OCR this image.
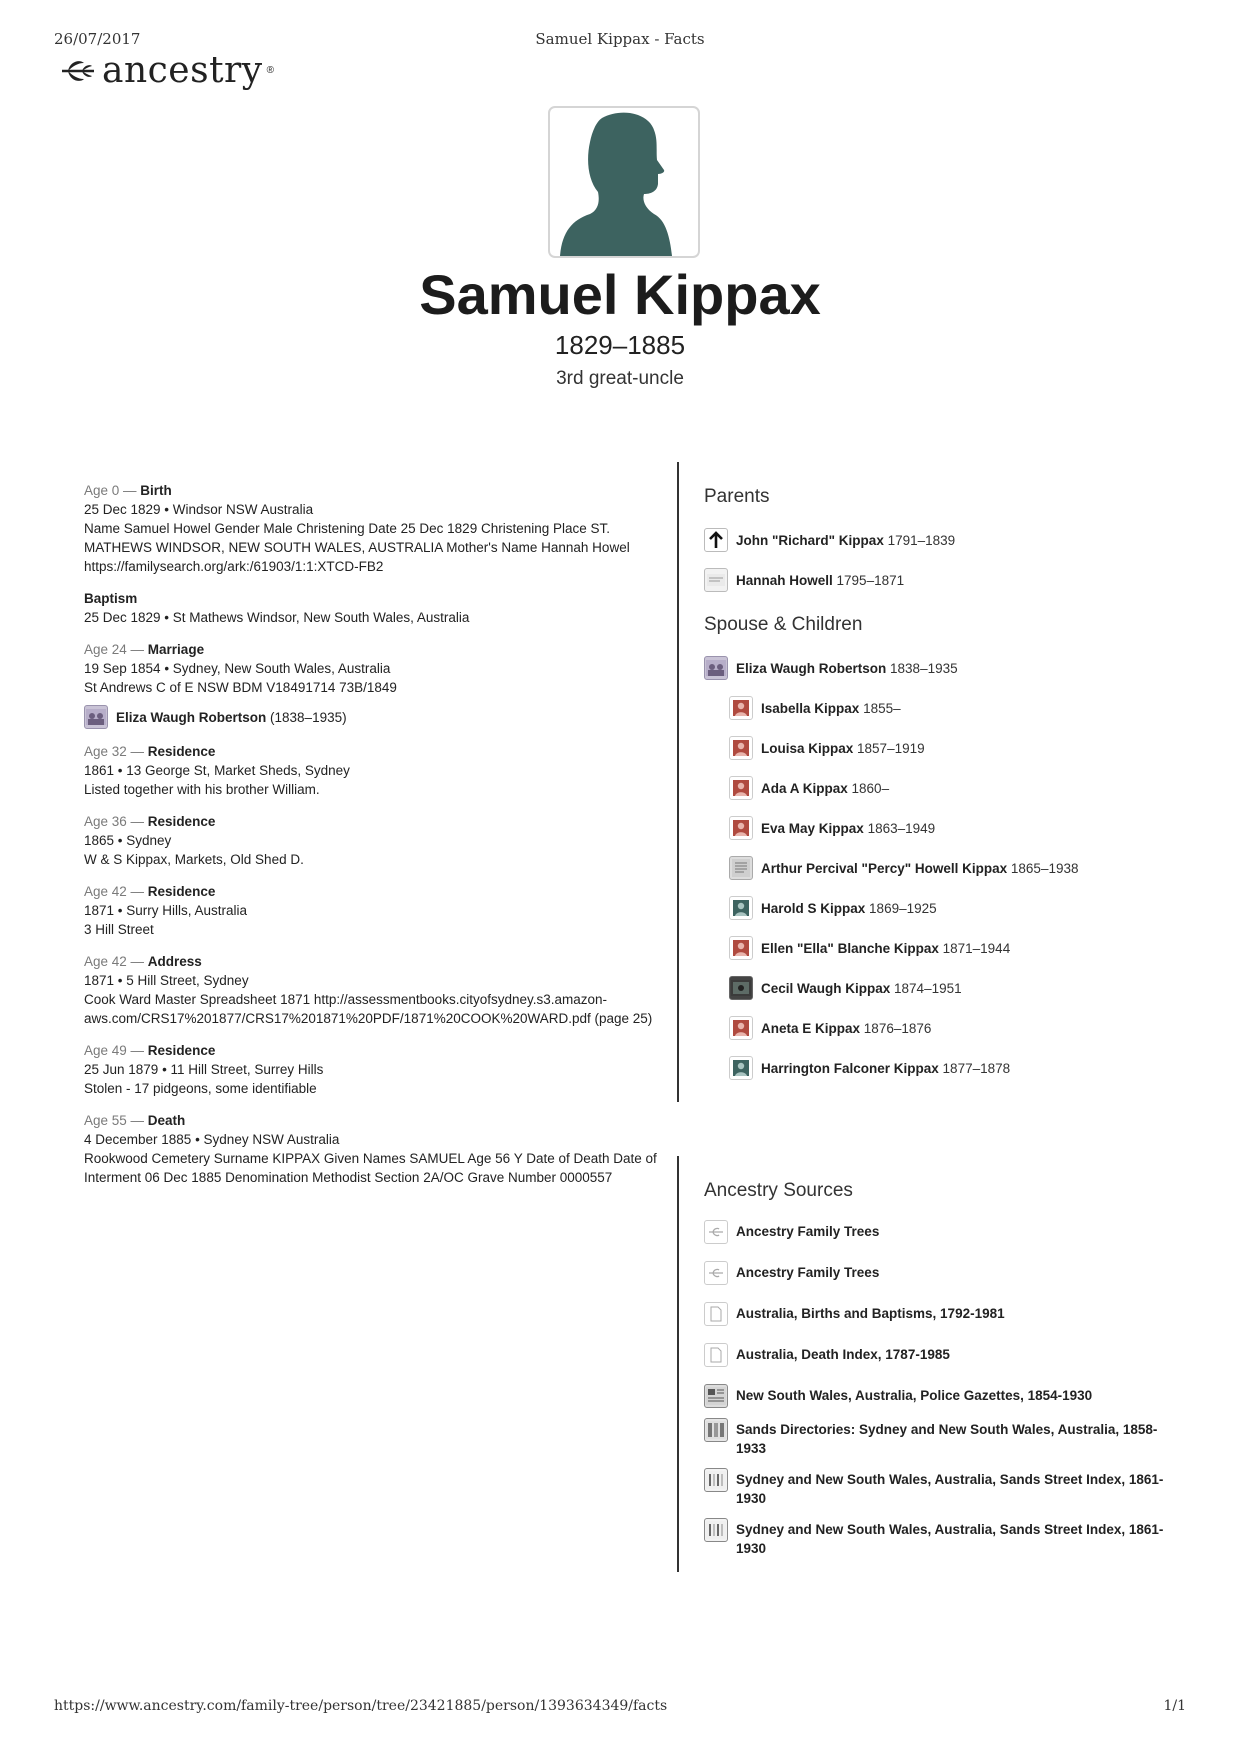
26/07/2017	Samuel Kippax - Facts
ancestry ®
Samuel Kippax
1829–1885
3rd great-uncle
Age 0 — Birth
25 Dec 1829 • Windsor NSW Australia
Name Samuel Howel Gender Male Christening Date 25 Dec 1829 Christening Place ST. MATHEWS WINDSOR, NEW SOUTH WALES, AUSTRALIA Mother's Name Hannah Howel https://familysearch.org/ark:/61903/1:1:XTCD-FB2
Baptism
25 Dec 1829 • St Mathews Windsor, New South Wales, Australia
Age 24 — Marriage
19 Sep 1854 • Sydney, New South Wales, Australia
St Andrews C of E NSW BDM V18491714 73B/1849
Eliza Waugh Robertson (1838–1935)
Age 32 — Residence
1861 • 13 George St, Market Sheds, Sydney
Listed together with his brother William.
Age 36 — Residence
1865 • Sydney
W & S Kippax, Markets, Old Shed D.
Age 42 — Residence
1871 • Surry Hills, Australia
3 Hill Street
Age 42 — Address
1871 • 5 Hill Street, Sydney
Cook Ward Master Spreadsheet 1871 http://assessmentbooks.cityofsydney.s3.amazon-aws.com/CRS17%201877/CRS17%201871%20PDF/1871%20COOK%20WARD.pdf (page 25)
Age 49 — Residence
25 Jun 1879 • 11 Hill Street, Surrey Hills
Stolen - 17 pidgeons, some identifiable
Age 55 — Death
4 December 1885 • Sydney NSW Australia
Rookwood Cemetery Surname KIPPAX Given Names SAMUEL Age 56 Y Date of Death Date of Interment 06 Dec 1885 Denomination Methodist Section 2A/OC Grave Number 0000557
Parents
John "Richard" Kippax 1791–1839
Hannah Howell 1795–1871
Spouse & Children
Eliza Waugh Robertson 1838–1935
Isabella Kippax 1855–
Louisa Kippax 1857–1919
Ada A Kippax 1860–
Eva May Kippax 1863–1949
Arthur Percival "Percy" Howell Kippax 1865–1938
Harold S Kippax 1869–1925
Ellen "Ella" Blanche Kippax 1871–1944
Cecil Waugh Kippax 1874–1951
Aneta E Kippax 1876–1876
Harrington Falconer Kippax 1877–1878
Ancestry Sources
Ancestry Family Trees
Ancestry Family Trees
Australia, Births and Baptisms, 1792-1981
Australia, Death Index, 1787-1985
New South Wales, Australia, Police Gazettes, 1854-1930
Sands Directories: Sydney and New South Wales, Australia, 1858-1933
Sydney and New South Wales, Australia, Sands Street Index, 1861-1930
Sydney and New South Wales, Australia, Sands Street Index, 1861-1930
https://www.ancestry.com/family-tree/person/tree/23421885/person/1393634349/facts	1/1
